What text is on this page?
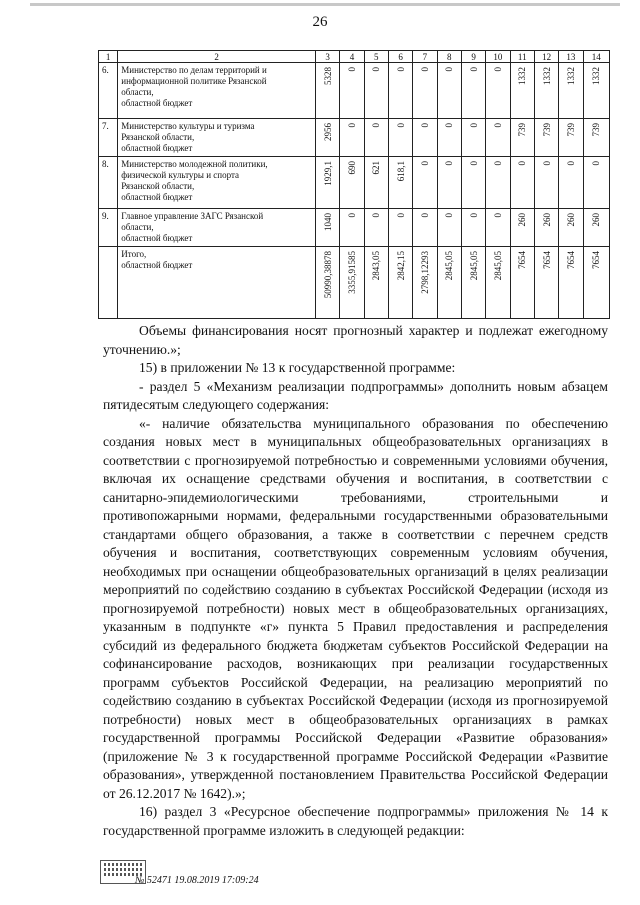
26
1	2	3	4	5	6	7	8	9	10	11	12	13	14
6.	Министерство по делам территорий и
информационной политике Рязанской
области,
областной бюджет	5328	0	0	0	0	0	0	0	1332	1332	1332	1332

7.	Министерство культуры и туризма
Рязанской области,
областной бюджет	2956	0	0	0	0	0	0	0	739	739	739	739

8.	Министерство молодежной политики,
физической культуры и спорта
Рязанской области,
областной бюджет	1929,1	690	621	618,1	0	0	0	0	0	0	0	0

9.	Главное управление ЗАГС Рязанской
области,
областной бюджет	1040	0	0	0	0	0	0	0	260	260	260	260

	Итого,
областной бюджет	50990,38878	3355,91585	2843,05	2842,15	2798,12293	2845,05	2845,05	2845,05	7654	7654	7654	7654

Объемы финансирования носят прогнозный характер и подлежат ежегодному уточнению.»;

15) в приложении № 13 к государственной программе:

- раздел 5 «Механизм реализации подпрограммы» дополнить новым абзацем пятидесятым следующего содержания:

«- наличие обязательства муниципального образования по обеспечению создания новых мест в муниципальных общеобразовательных организациях в соответствии с прогнозируемой потребностью и современными условиями обучения, включая их оснащение средствами обучения и воспитания, в соответствии с санитарно-эпидемиологическими требованиями, строительными и противопожарными нормами, федеральными государственными образовательными стандартами общего образования, а также в соответствии с перечнем средств обучения и воспитания, соответствующих современным условиям обучения, необходимых при оснащении общеобразовательных организаций в целях реализации мероприятий по содействию созданию в субъектах Российской Федерации (исходя из прогнозируемой потребности) новых мест в общеобразовательных организациях, указанным в подпункте «г» пункта 5 Правил предоставления и распределения субсидий из федерального бюджета бюджетам субъектов Российской Федерации на софинансирование расходов, возникающих при реализации государственных программ субъектов Российской Федерации, на реализацию мероприятий по содействию созданию в субъектах Российской Федерации (исходя из прогнозируемой потребности) новых мест в общеобразовательных организациях в рамках государственной программы Российской Федерации «Развитие образования» (приложение № 3 к государственной программе Российской Федерации «Развитие образования», утвержденной постановлением Правительства Российской Федерации от 26.12.2017 № 1642).»;

16) раздел 3 «Ресурсное обеспечение подпрограммы» приложения № 14 к государственной программе изложить в следующей редакции:

№ 52471 19.08.2019 17:09:24
